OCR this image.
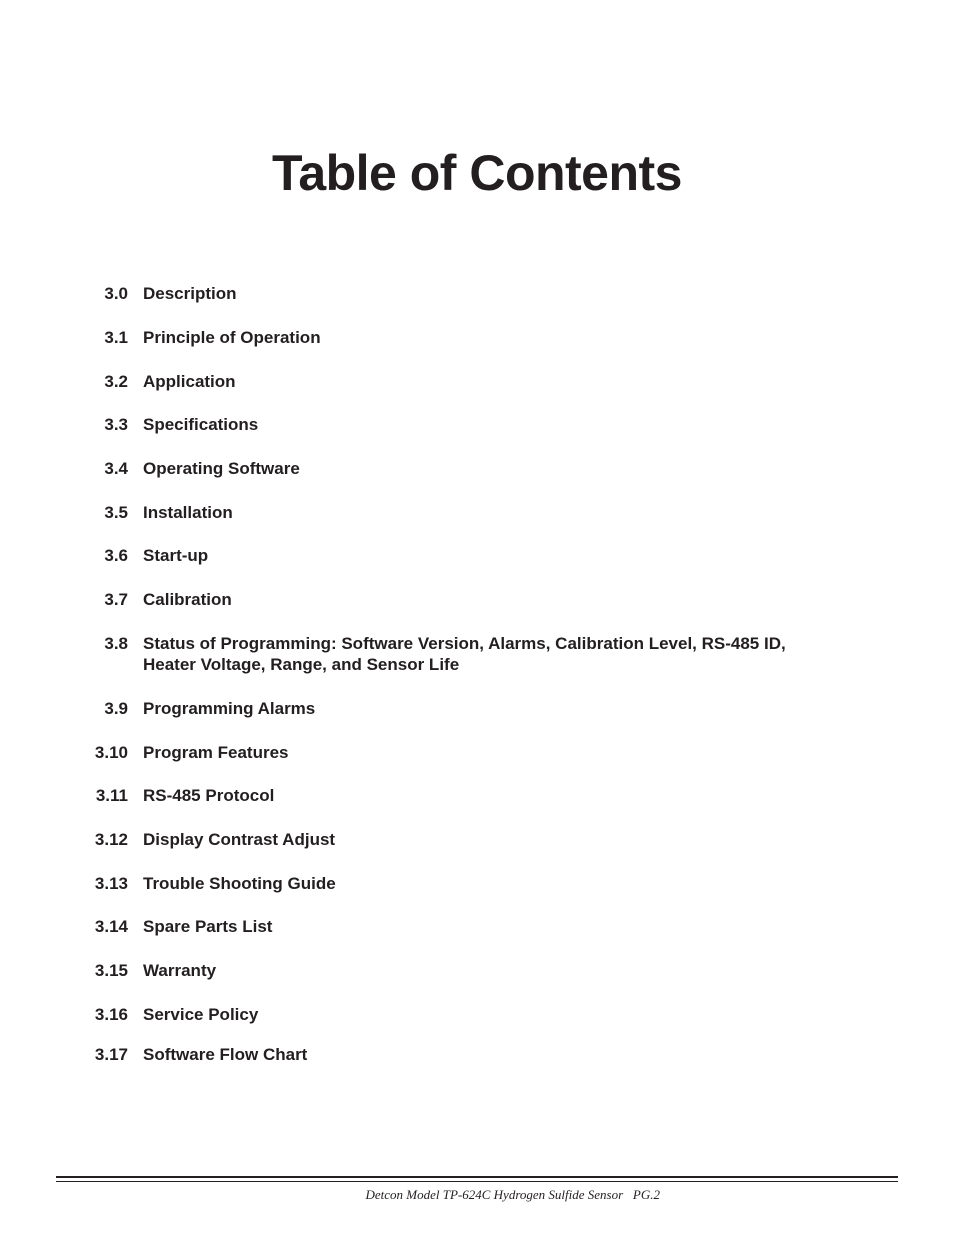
Table of Contents
3.0 Description
3.1 Principle of Operation
3.2 Application
3.3 Specifications
3.4 Operating Software
3.5 Installation
3.6 Start-up
3.7 Calibration
3.8 Status of Programming: Software Version, Alarms, Calibration Level, RS-485 ID,
Heater Voltage, Range, and Sensor Life
3.9 Programming Alarms
3.10 Program Features
3.11 RS-485 Protocol
3.12 Display Contrast Adjust
3.13 Trouble Shooting Guide
3.14 Spare Parts List
3.15 Warranty
3.16 Service Policy
3.17 Software Flow Chart
Detcon Model TP-624C Hydrogen Sulfide Sensor PG.2
